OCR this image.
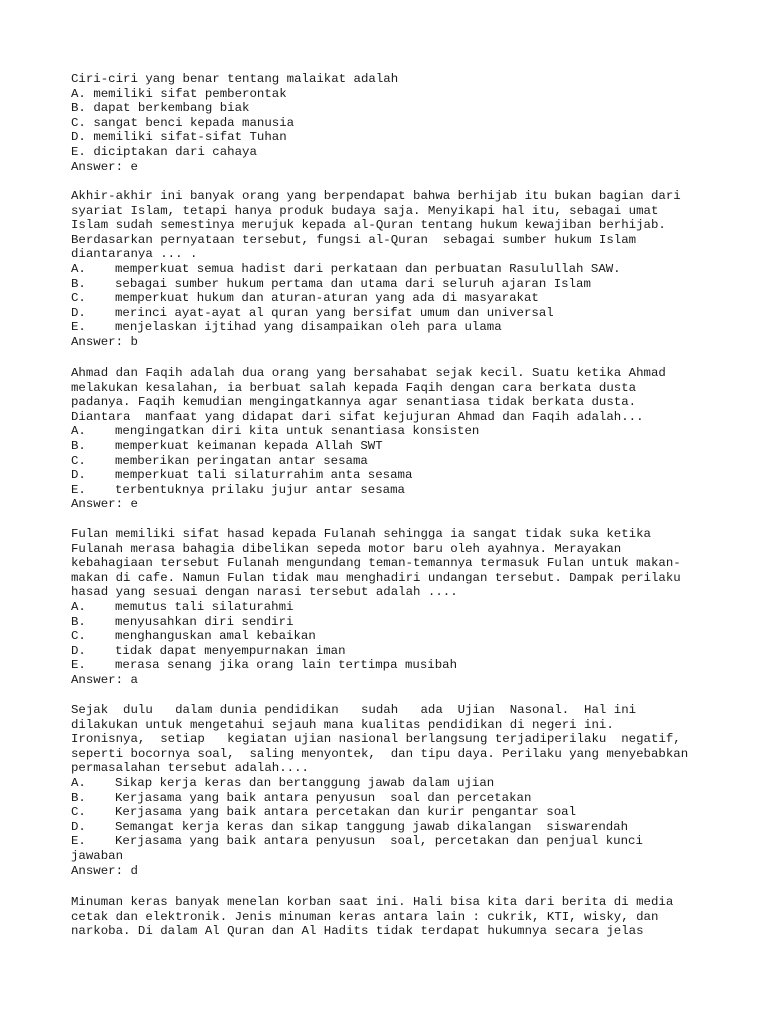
Ciri-ciri yang benar tentang malaikat adalah
A. memiliki sifat pemberontak
B. dapat berkembang biak
C. sangat benci kepada manusia
D. memiliki sifat-sifat Tuhan
E. diciptakan dari cahaya
Answer: e
Akhir-akhir ini banyak orang yang berpendapat bahwa berhijab itu bukan bagian dari
syariat Islam, tetapi hanya produk budaya saja. Menyikapi hal itu, sebagai umat
Islam sudah semestinya merujuk kepada al-Quran tentang hukum kewajiban berhijab.
Berdasarkan pernyataan tersebut, fungsi al-Quran  sebagai sumber hukum Islam
diantaranya ... .
A.	memperkuat semua hadist dari perkataan dan perbuatan Rasulullah SAW.
B.	sebagai sumber hukum pertama dan utama dari seluruh ajaran Islam
C.	memperkuat hukum dan aturan-aturan yang ada di masyarakat
D.	merinci ayat-ayat al quran yang bersifat umum dan universal
E.	menjelaskan ijtihad yang disampaikan oleh para ulama
Answer: b
Ahmad dan Faqih adalah dua orang yang bersahabat sejak kecil. Suatu ketika Ahmad
melakukan kesalahan, ia berbuat salah kepada Faqih dengan cara berkata dusta
padanya. Faqih kemudian mengingatkannya agar senantiasa tidak berkata dusta.
Diantara  manfaat yang didapat dari sifat kejujuran Ahmad dan Faqih adalah...
A.	mengingatkan diri kita untuk senantiasa konsisten
B.	memperkuat keimanan kepada Allah SWT
C.	memberikan peringatan antar sesama
D.	memperkuat tali silaturrahim anta sesama
E.	terbentuknya prilaku jujur antar sesama
Answer: e
Fulan memiliki sifat hasad kepada Fulanah sehingga ia sangat tidak suka ketika
Fulanah merasa bahagia dibelikan sepeda motor baru oleh ayahnya. Merayakan
kebahagiaan tersebut Fulanah mengundang teman-temannya termasuk Fulan untuk makan-
makan di cafe. Namun Fulan tidak mau menghadiri undangan tersebut. Dampak perilaku
hasad yang sesuai dengan narasi tersebut adalah ....
A.	memutus tali silaturahmi
B.	menyusahkan diri sendiri
C.	menghanguskan amal kebaikan
D.	tidak dapat menyempurnakan iman
E.	merasa senang jika orang lain tertimpa musibah
Answer: a
Sejak  dulu   dalam dunia pendidikan   sudah   ada  Ujian  Nasonal.  Hal ini
dilakukan untuk mengetahui sejauh mana kualitas pendidikan di negeri ini.
Ironisnya,  setiap   kegiatan ujian nasional berlangsung terjadiperilaku  negatif,
seperti bocornya soal,  saling menyontek,  dan tipu daya. Perilaku yang menyebabkan
permasalahan tersebut adalah....
A.	Sikap kerja keras dan bertanggung jawab dalam ujian
B.	Kerjasama yang baik antara penyusun  soal dan percetakan
C.	Kerjasama yang baik antara percetakan dan kurir pengantar soal
D.	Semangat kerja keras dan sikap tanggung jawab dikalangan  siswarendah
E.	Kerjasama yang baik antara penyusun  soal, percetakan dan penjual kunci
jawaban
Answer: d
Minuman keras banyak menelan korban saat ini. Hali bisa kita dari berita di media
cetak dan elektronik. Jenis minuman keras antara lain : cukrik, KTI, wisky, dan
narkoba. Di dalam Al Quran dan Al Hadits tidak terdapat hukumnya secara jelas
